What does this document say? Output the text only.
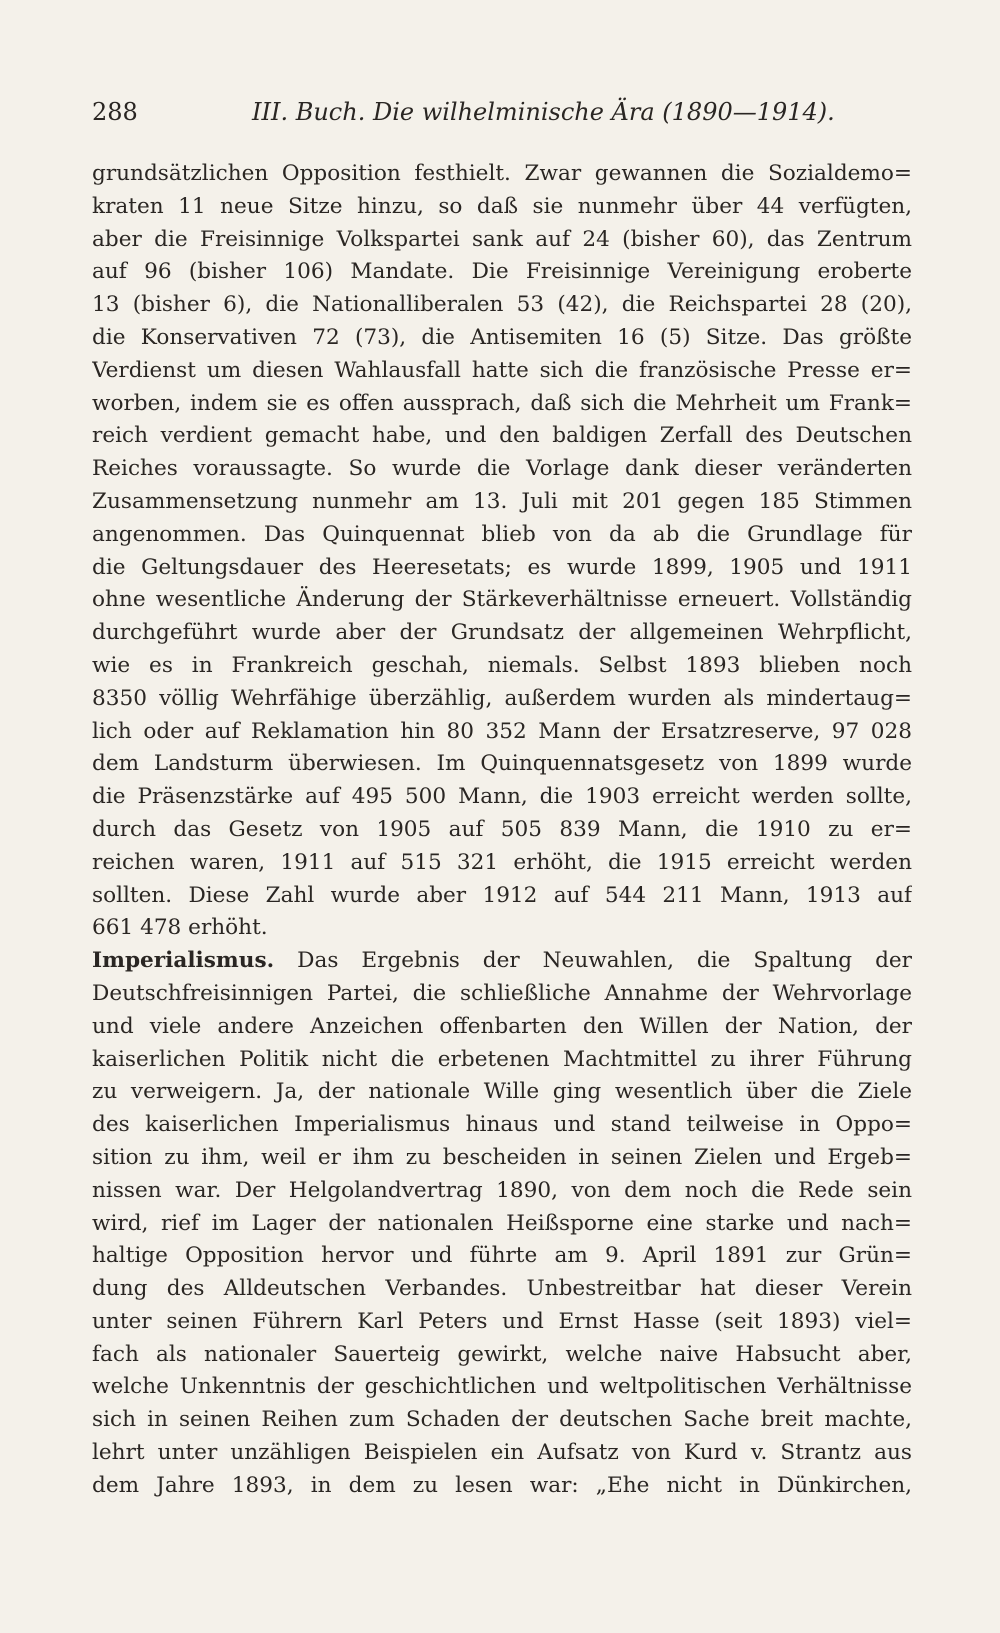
288	III. Buch. Die wilhelminische Ära (1890—1914).
grundsätzlichen Opposition festhielt. Zwar gewannen die Sozialdemo=
kraten 11 neue Sitze hinzu, so daß sie nunmehr über 44 verfügten,
aber die Freisinnige Volkspartei sank auf 24 (bisher 60), das Zentrum
auf 96 (bisher 106) Mandate. Die Freisinnige Vereinigung eroberte
13 (bisher 6), die Nationalliberalen 53 (42), die Reichspartei 28 (20),
die Konservativen 72 (73), die Antisemiten 16 (5) Sitze. Das größte
Verdienst um diesen Wahlausfall hatte sich die französische Presse er=
worben, indem sie es offen aussprach, daß sich die Mehrheit um Frank=
reich verdient gemacht habe, und den baldigen Zerfall des Deutschen
Reiches voraussagte. So wurde die Vorlage dank dieser veränderten
Zusammensetzung nunmehr am 13. Juli mit 201 gegen 185 Stimmen
angenommen. Das Quinquennat blieb von da ab die Grundlage für
die Geltungsdauer des Heeresetats; es wurde 1899, 1905 und 1911
ohne wesentliche Änderung der Stärkeverhältnisse erneuert. Vollständig
durchgeführt wurde aber der Grundsatz der allgemeinen Wehrpflicht,
wie es in Frankreich geschah, niemals. Selbst 1893 blieben noch
8350 völlig Wehrfähige überzählig, außerdem wurden als mindertaug=
lich oder auf Reklamation hin 80 352 Mann der Ersatzreserve, 97 028
dem Landsturm überwiesen. Im Quinquennatsgesetz von 1899 wurde
die Präsenzstärke auf 495 500 Mann, die 1903 erreicht werden sollte,
durch das Gesetz von 1905 auf 505 839 Mann, die 1910 zu er=
reichen waren, 1911 auf 515 321 erhöht, die 1915 erreicht werden
sollten. Diese Zahl wurde aber 1912 auf 544 211 Mann, 1913 auf
661 478 erhöht.
Imperialismus. Das Ergebnis der Neuwahlen, die Spaltung der
Deutschfreisinnigen Partei, die schließliche Annahme der Wehrvorlage
und viele andere Anzeichen offenbarten den Willen der Nation, der
kaiserlichen Politik nicht die erbetenen Machtmittel zu ihrer Führung
zu verweigern. Ja, der nationale Wille ging wesentlich über die Ziele
des kaiserlichen Imperialismus hinaus und stand teilweise in Oppo=
sition zu ihm, weil er ihm zu bescheiden in seinen Zielen und Ergeb=
nissen war. Der Helgolandvertrag 1890, von dem noch die Rede sein
wird, rief im Lager der nationalen Heißsporne eine starke und nach=
haltige Opposition hervor und führte am 9. April 1891 zur Grün=
dung des Alldeutschen Verbandes. Unbestreitbar hat dieser Verein
unter seinen Führern Karl Peters und Ernst Hasse (seit 1893) viel=
fach als nationaler Sauerteig gewirkt, welche naive Habsucht aber,
welche Unkenntnis der geschichtlichen und weltpolitischen Verhältnisse
sich in seinen Reihen zum Schaden der deutschen Sache breit machte,
lehrt unter unzähligen Beispielen ein Aufsatz von Kurd v. Strantz aus
dem Jahre 1893, in dem zu lesen war: „Ehe nicht in Dünkirchen,
